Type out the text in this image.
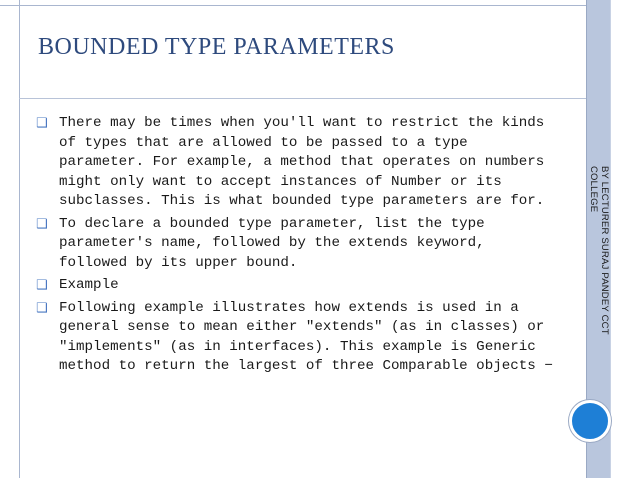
BOUNDED TYPE PARAMETERS
❑ There may be times when you'll want to restrict the kinds of types that are allowed to be passed to a type parameter. For example, a method that operates on numbers might only want to accept instances of Number or its subclasses. This is what bounded type parameters are for.
❑ To declare a bounded type parameter, list the type parameter's name, followed by the extends keyword, followed by its upper bound.
❑ Example
❑ Following example illustrates how extends is used in a general sense to mean either "extends" (as in classes) or "implements" (as in interfaces). This example is Generic method to return the largest of three Comparable objects −
BY LECTURER SURAJ PANDEY CCT COLLEGE
